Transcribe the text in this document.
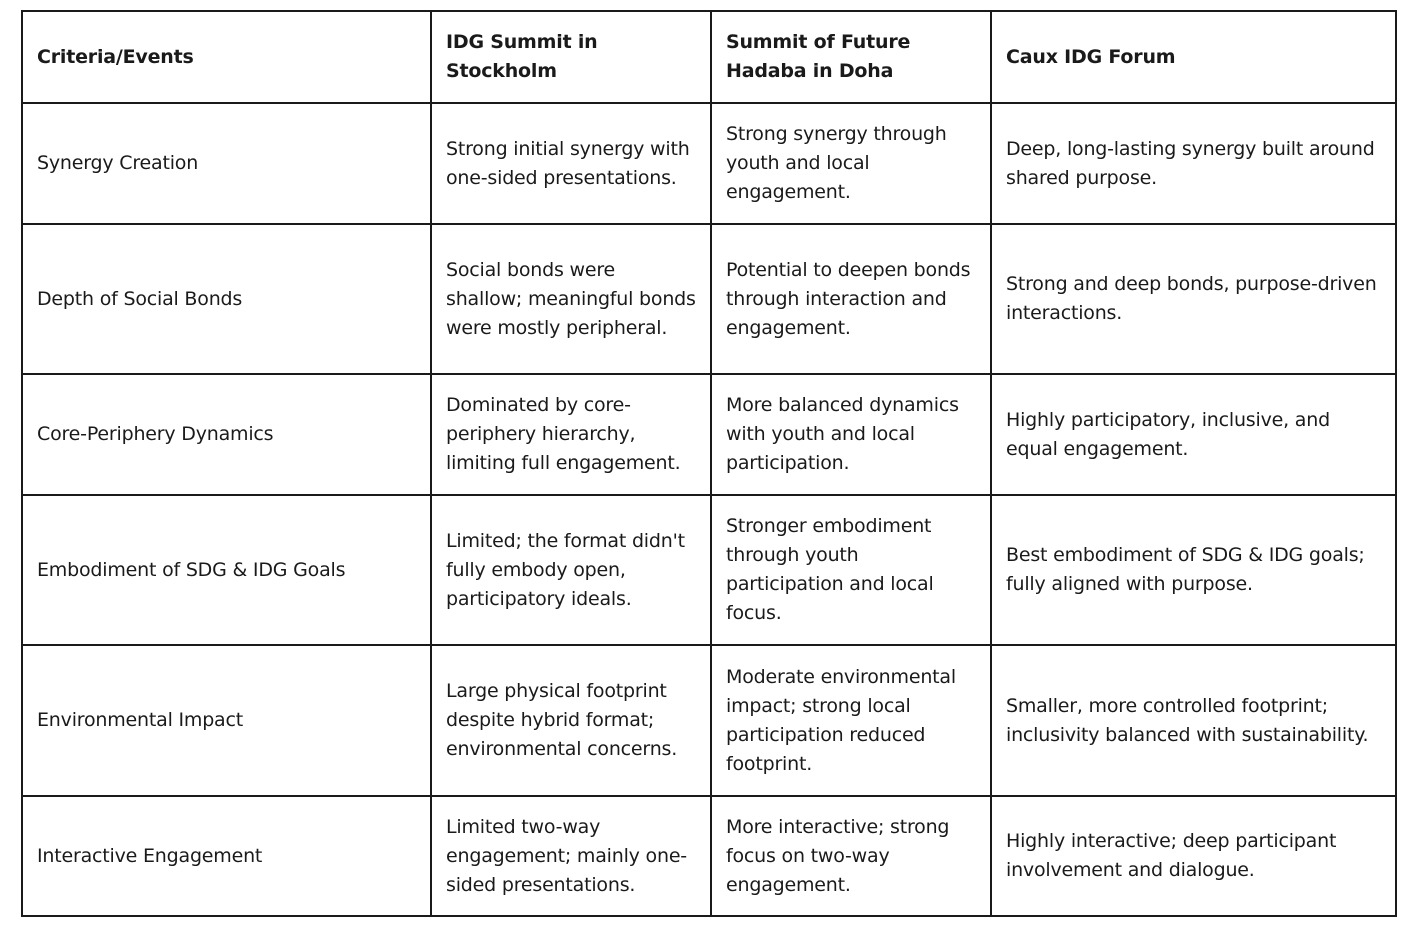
Criteria/Events	IDG Summit in Stockholm	Summit of Future Hadaba in Doha	Caux IDG Forum
Synergy Creation	Strong initial synergy with one-sided presentations.	Strong synergy through youth and local engagement.	Deep, long-lasting synergy built around shared purpose.
Depth of Social Bonds	Social bonds were shallow; meaningful bonds were mostly peripheral.	Potential to deepen bonds through interaction and engagement.	Strong and deep bonds, purpose-driven interactions.
Core-Periphery Dynamics	Dominated by core-periphery hierarchy, limiting full engagement.	More balanced dynamics with youth and local participation.	Highly participatory, inclusive, and equal engagement.
Embodiment of SDG & IDG Goals	Limited; the format didn't fully embody open, participatory ideals.	Stronger embodiment through youth participation and local focus.	Best embodiment of SDG & IDG goals; fully aligned with purpose.
Environmental Impact	Large physical footprint despite hybrid format; environmental concerns.	Moderate environmental impact; strong local participation reduced footprint.	Smaller, more controlled footprint; inclusivity balanced with sustainability.
Interactive Engagement	Limited two-way engagement; mainly one-sided presentations.	More interactive; strong focus on two-way engagement.	Highly interactive; deep participant involvement and dialogue.
